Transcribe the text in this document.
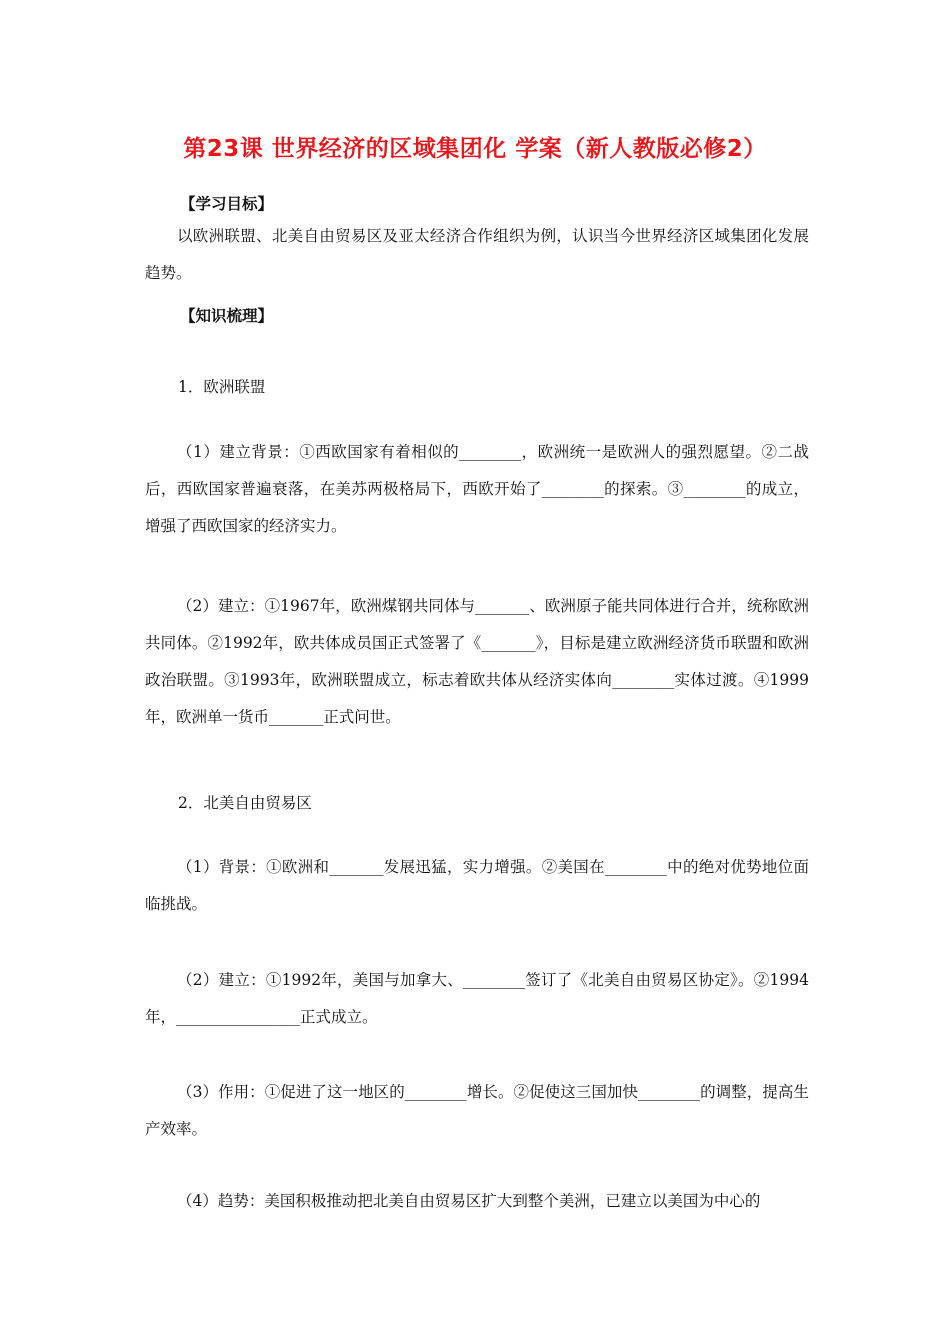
第23课 世界经济的区域集团化 学案（新人教版必修2）

【学习目标】

以欧洲联盟、北美自由贸易区及亚太经济合作组织为例，认识当今世界经济区域集团化发展趋势。

【知识梳理】

1．欧洲联盟

（1）建立背景：①西欧国家有着相似的________，欧洲统一是欧洲人的强烈愿望。②二战后，西欧国家普遍衰落，在美苏两极格局下，西欧开始了________的探索。③________的成立，增强了西欧国家的经济实力。

（2）建立：①1967年，欧洲煤钢共同体与_______、欧洲原子能共同体进行合并，统称欧洲共同体。②1992年，欧共体成员国正式签署了《_______》，目标是建立欧洲经济货币联盟和欧洲政治联盟。③1993年，欧洲联盟成立，标志着欧共体从经济实体向________实体过渡。④1999年，欧洲单一货币_______正式问世。

2．北美自由贸易区

（1）背景：①欧洲和_______发展迅猛，实力增强。②美国在________中的绝对优势地位面临挑战。

（2）建立：①1992年，美国与加拿大、________签订了《北美自由贸易区协定》。②1994年，________________正式成立。

（3）作用：①促进了这一地区的________增长。②促使这三国加快________的调整，提高生产效率。

（4）趋势：美国积极推动把北美自由贸易区扩大到整个美洲，已建立以美国为中心的
